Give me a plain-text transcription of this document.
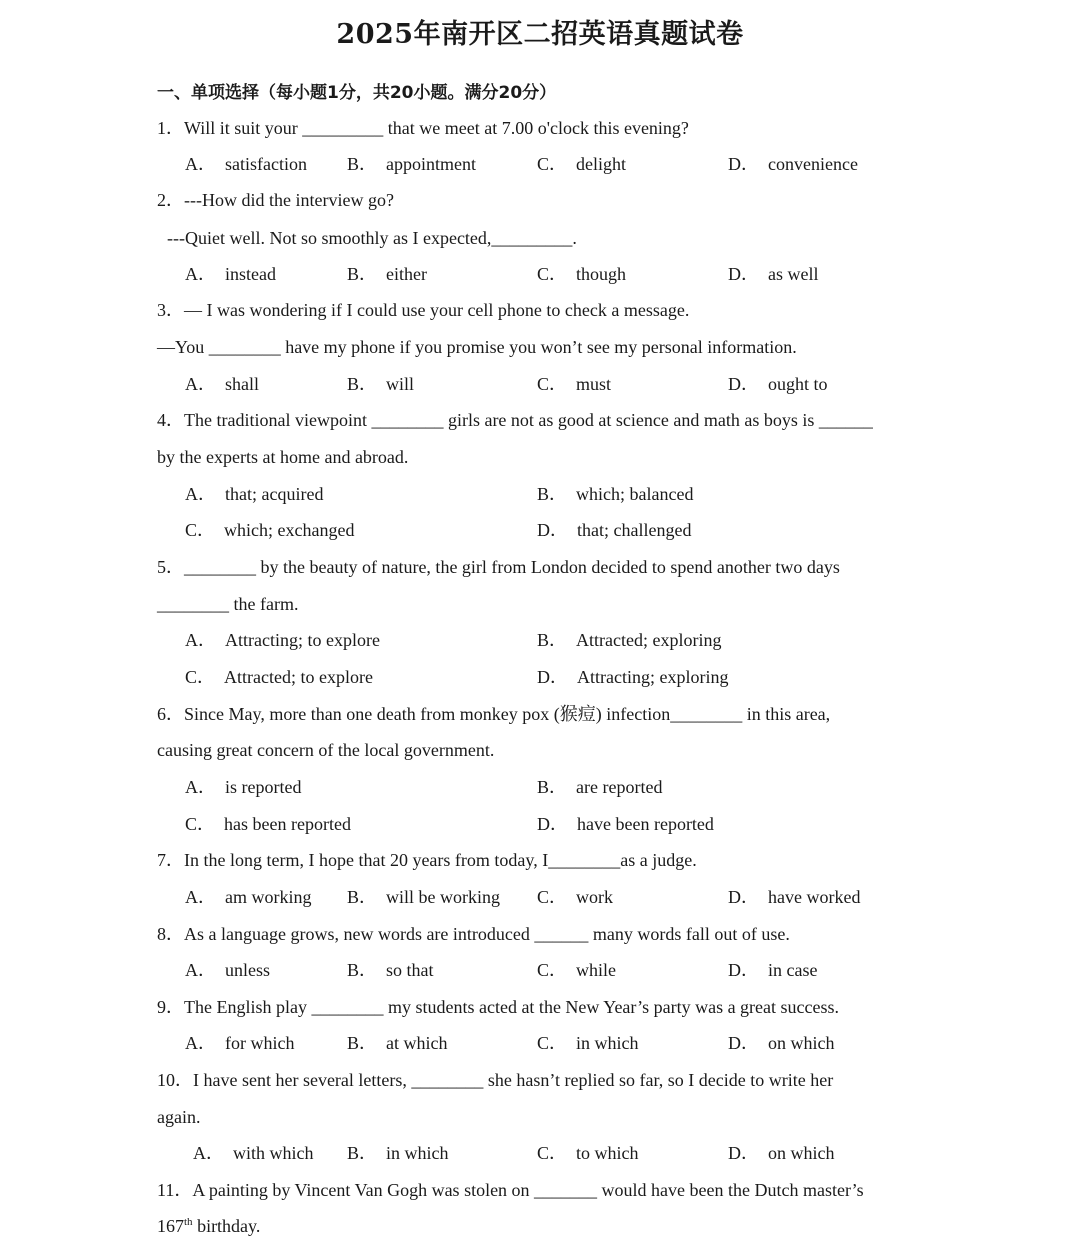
2025年南开区二招英语真题试卷
一、单项选择（每小题1分，共20小题。满分20分）
1．Will it suit your _________ that we meet at 7.00 o'clock this evening?
A． satisfaction B． appointment	C． delight	D． convenience
2．---How did the interview go?
---Quiet well. Not so smoothly as I expected,_________.
A． instead	B． either	C． though	D． as well
3．— I was wondering if I could use your cell phone to check a message.
—You ________ have my phone if you promise you won’t see my personal information.
A． shall	B． will	C． must	D． ought to
4．The traditional viewpoint ________ girls are not as good at science and math as boys is ______
by the experts at home and abroad.
A． that; acquired	B． which; balanced
C． which; exchanged	D． that; challenged
5．________ by the beauty of nature, the girl from London decided to spend another two days
________ the farm.
A． Attracting; to explore	B． Attracted; exploring
C． Attracted; to explore	D． Attracting; exploring
6．Since May, more than one death from monkey pox (猴痘) infection________ in this area,
causing great concern of the local government.
A． is reported	B． are reported
C． has been reported	D． have been reported
7．In the long term, I hope that 20 years from today, I________as a judge.
A． am working B． will be working C． work	D． have worked
8．As a language grows, new words are introduced ______ many words fall out of use.
A． unless	B． so that	C． while	D． in case
9．The English play ________ my students acted at the New Year’s party was a great success.
A． for which	B． at which	C． in which	D． on which
10．I have sent her several letters, ________ she hasn’t replied so far, so I decide to write her
again.
A． with which B． in which	C． to which	D． on which
11．A painting by Vincent Van Gogh was stolen on _______ would have been the Dutch master’s
167th birthday.
